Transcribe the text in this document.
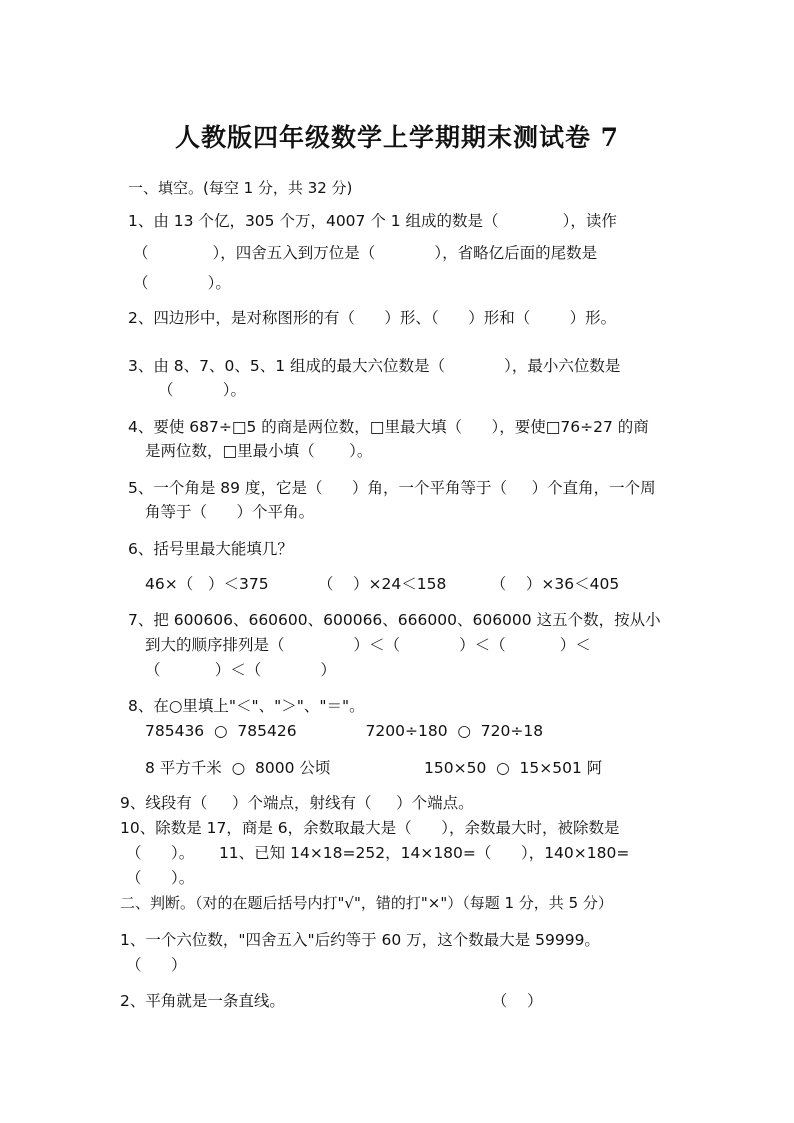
人教版四年级数学上学期期末测试卷 7
一、填空。(每空 1 分，共 32 分)
1、由 13 个亿，305 个万，4007 个 1 组成的数是（             ），读作
（             ），四舍五入到万位是（            ），省略亿后面的尾数是
（            ）。
2、四边形中，是对称图形的有（      ）形、（      ）形和（        ）形。
3、由 8、7、0、5、1 组成的最大六位数是（            ），最小六位数是
（          ）。
4、要使 687÷□5 的商是两位数，□里最大填（      ），要使□76÷27 的商
是两位数，□里最小填（       ）。
5、一个角是 89 度，它是（      ）角，一个平角等于（     ）个直角，一个周
角等于（      ）个平角。
6、括号里最大能填几？
46×（   ）＜375          （    ）×24＜158         （    ）×36＜405
7、把 600606、660600、600066、666000、606000 这五个数，按从小
到大的顺序排列是（              ）＜（            ）＜（           ）＜
（           ）＜（            ）
8、在○里填上"＜"、"＞"、"＝"。
785436  ○  785426              7200÷180  ○  720÷18
8 平方千米  ○  8000 公顷                   150×50  ○  15×501 阿
9、线段有（     ）个端点，射线有（     ）个端点。
10、除数是 17，商是 6，余数取最大是（      ），余数最大时，被除数是
（      ）。     11、已知 14×18=252，14×180=（      ），140×180=
（      ）。
二、判断。（对的在题后括号内打"√"，错的打"×"）（每题 1 分，共 5 分）
1、一个六位数，"四舍五入"后约等于 60 万，这个数最大是 59999。
（      ）
2、平角就是一条直线。                                          （    ）
